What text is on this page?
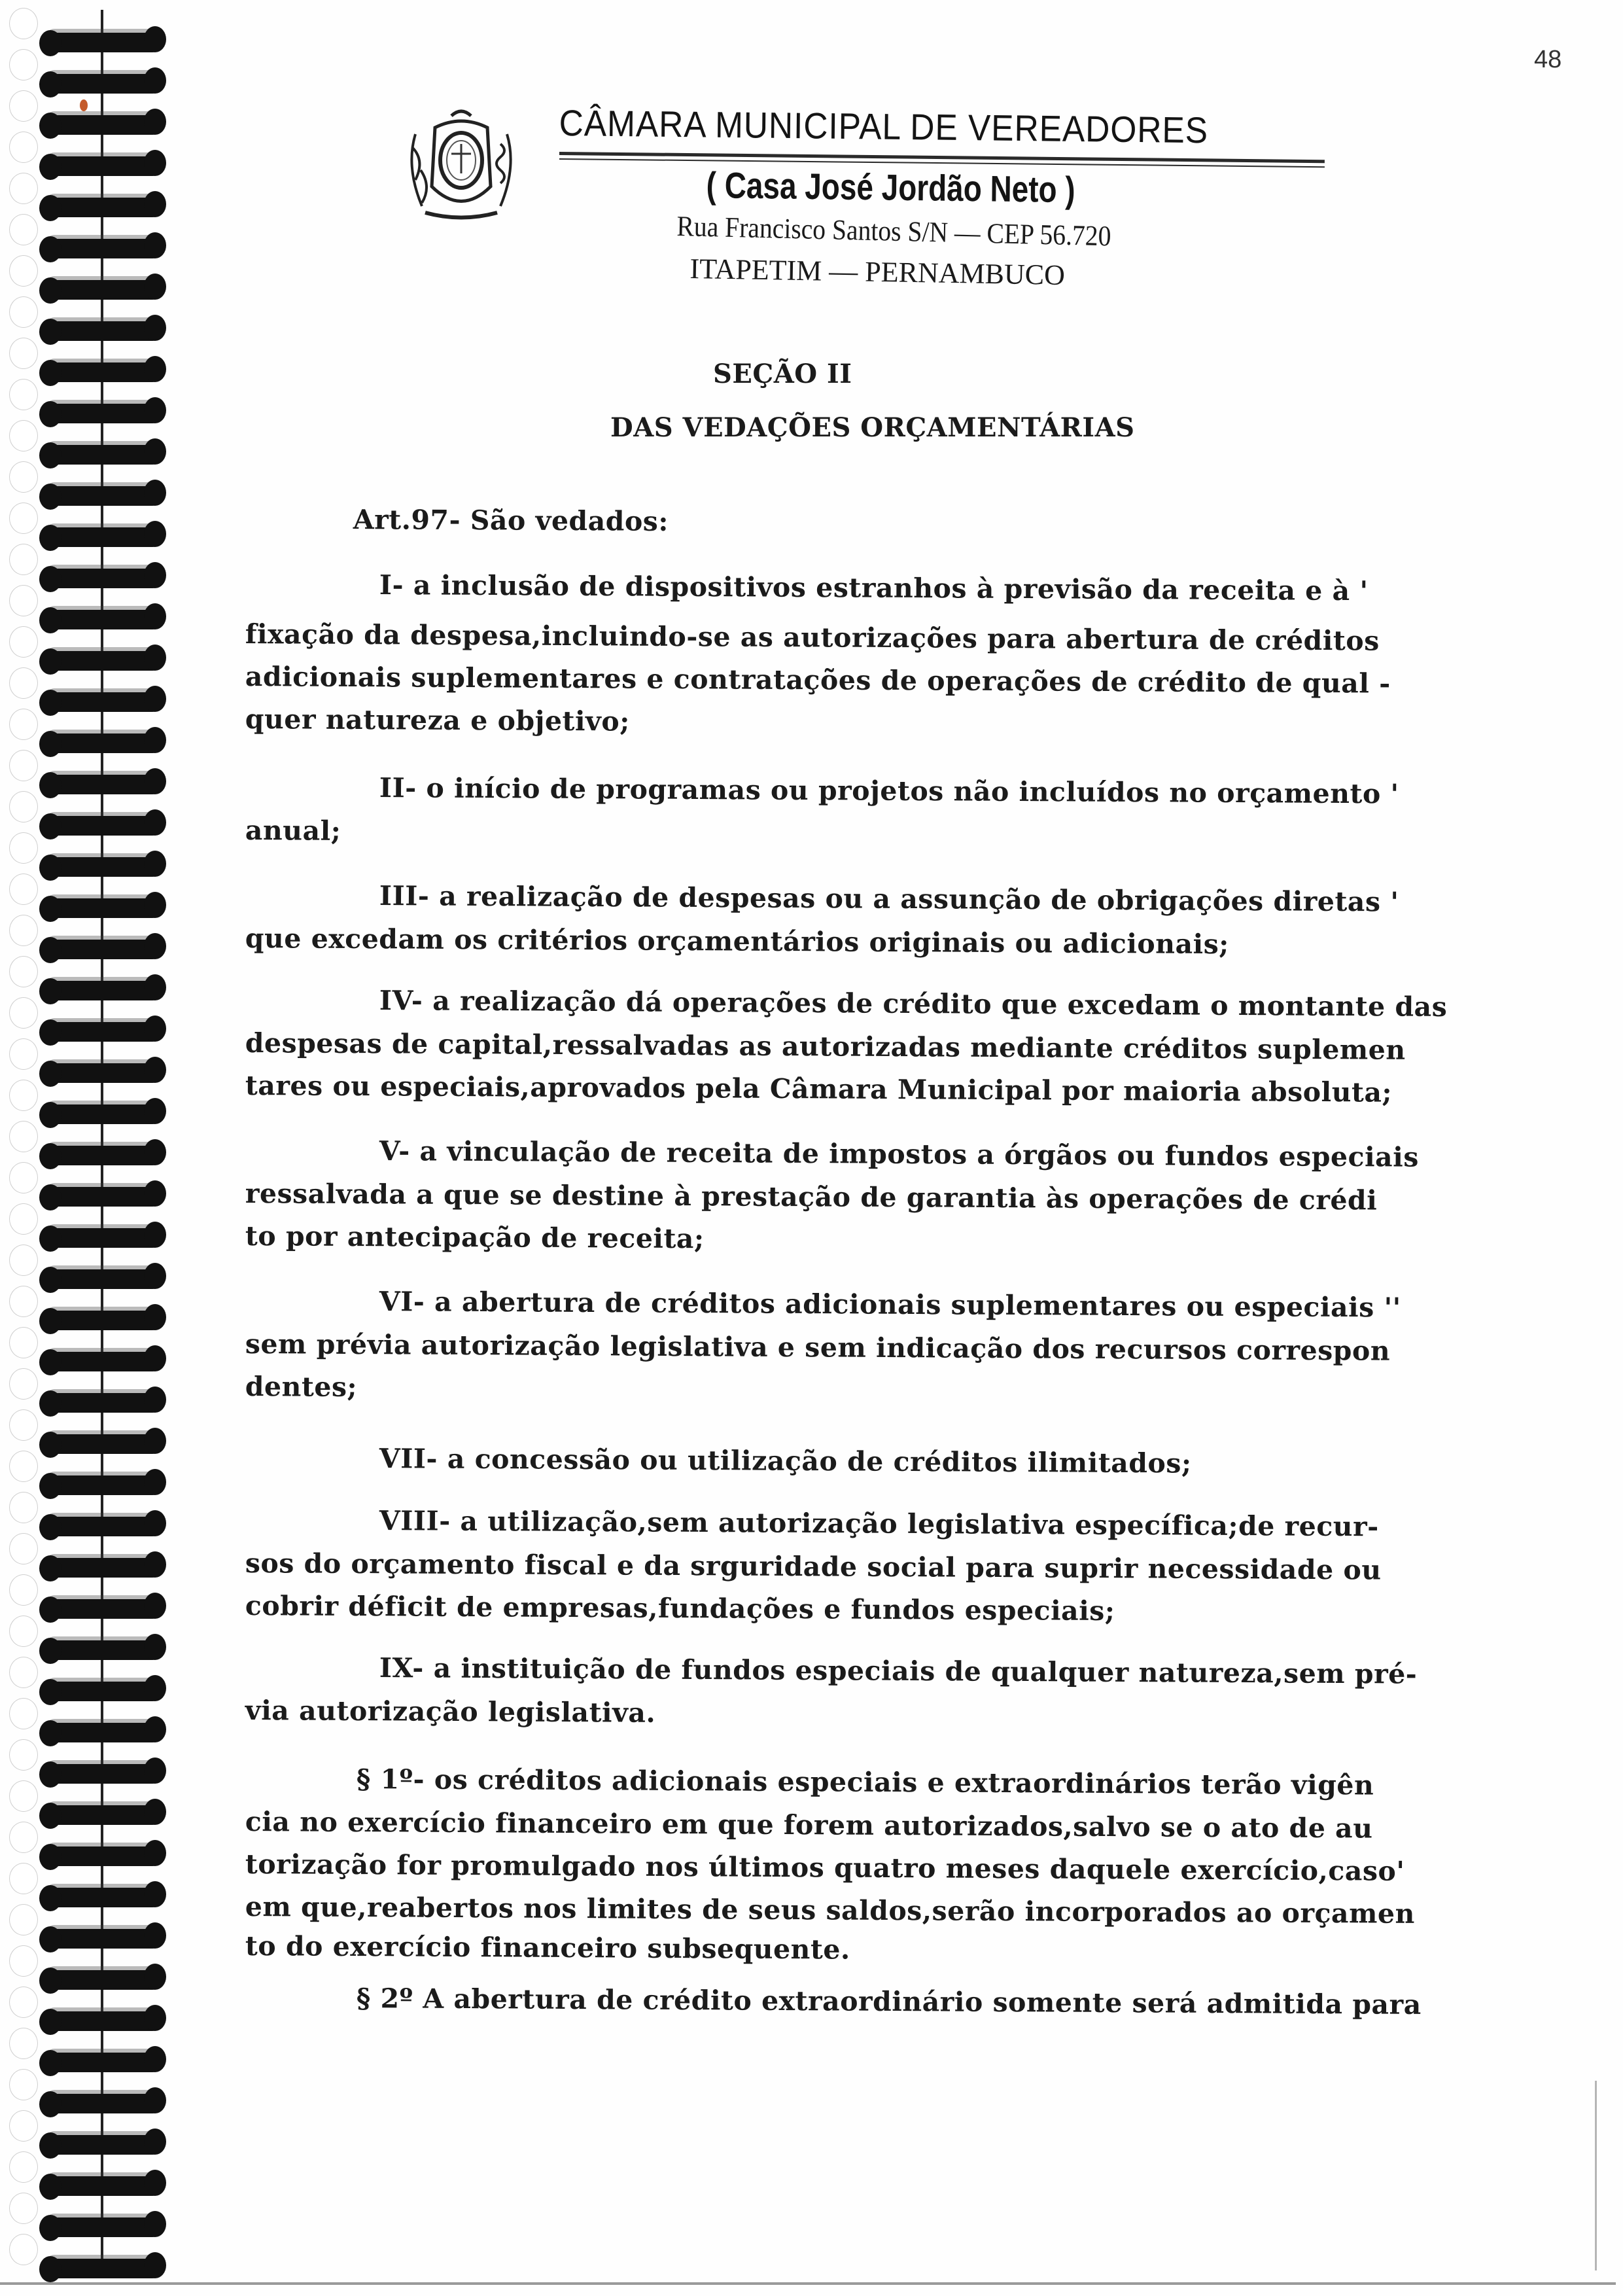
48
CÂMARA MUNICIPAL DE VEREADORES
( Casa José Jordão Neto )
Rua Francisco Santos S/N — CEP 56.720
ITAPETIM — PERNAMBUCO
SEÇÃO II
DAS VEDAÇÕES ORÇAMENTÁRIAS
Art.97- São vedados:
I- a inclusão de dispositivos estranhos à previsão da receita e à '
fixação da despesa,incluindo-se as autorizações para abertura de créditos
adicionais suplementares e contratações de operações de crédito de qual -
quer natureza e objetivo;
II- o início de programas ou projetos não incluídos no orçamento '
anual;
III- a realização de despesas ou a assunção de obrigações diretas '
que excedam os critérios orçamentários originais ou adicionais;
IV- a realização dá operações de crédito que excedam o montante das
despesas de capital,ressalvadas as autorizadas mediante créditos suplemen
tares ou especiais,aprovados pela Câmara Municipal por maioria absoluta;
V- a vinculação de receita de impostos a órgãos ou fundos especiais
ressalvada a que se destine à prestação de garantia às operações de crédi
to por antecipação de receita;
VI- a abertura de créditos adicionais suplementares ou especiais ''
sem prévia autorização legislativa e sem indicação dos recursos correspon
dentes;
VII- a concessão ou utilização de créditos ilimitados;
VIII- a utilização,sem autorização legislativa específica;de recur-
sos do orçamento fiscal e da srguridade social para suprir necessidade ou
cobrir déficit de empresas,fundações e fundos especiais;
IX- a instituição de fundos especiais de qualquer natureza,sem pré-
via autorização legislativa.
§ 1º- os créditos adicionais especiais e extraordinários terão vigên
cia no exercício financeiro em que forem autorizados,salvo se o ato de au
torização for promulgado nos últimos quatro meses daquele exercício,caso'
em que,reabertos nos limites de seus saldos,serão incorporados ao orçamen
to do exercício financeiro subsequente.
§ 2º A abertura de crédito extraordinário somente será admitida para
